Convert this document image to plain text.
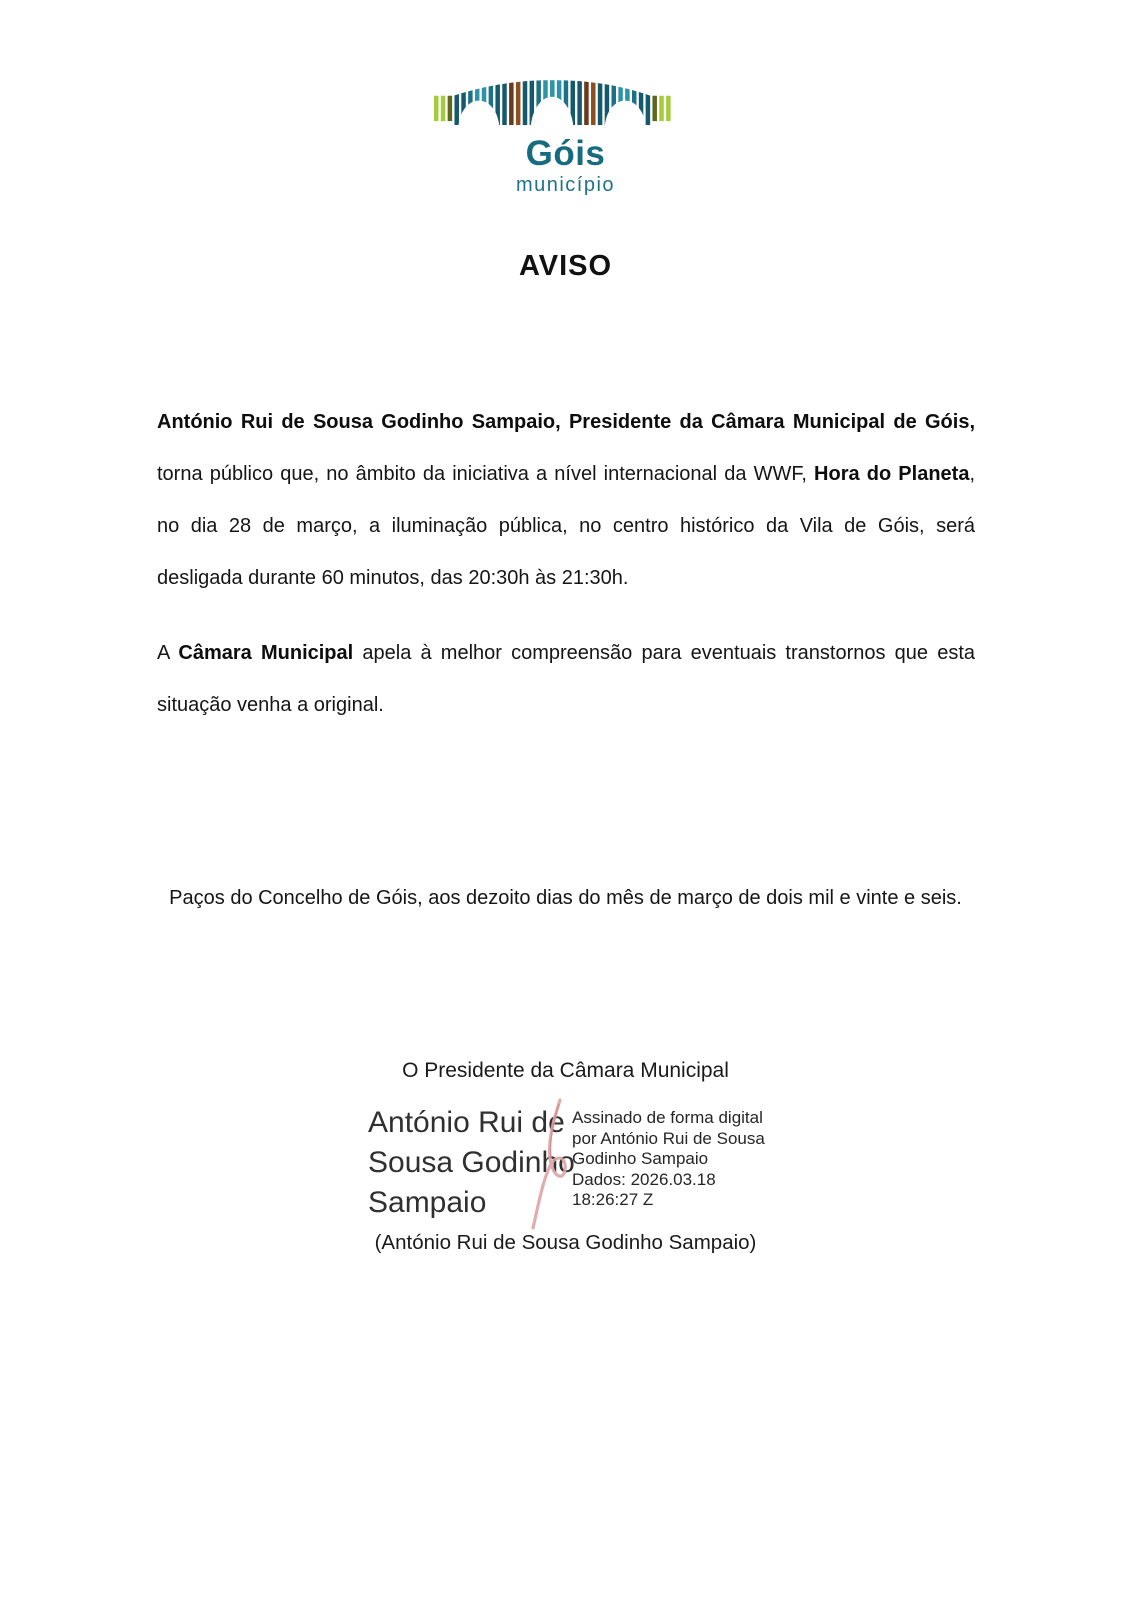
Góis
município
AVISO

António Rui de Sousa Godinho Sampaio, Presidente da Câmara Municipal de Góis, torna público que, no âmbito da iniciativa a nível internacional da WWF, Hora do Planeta, no dia 28 de março, a iluminação pública, no centro histórico da Vila de Góis, será desligada durante 60 minutos, das 20:30h às 21:30h.

A Câmara Municipal apela à melhor compreensão para eventuais transtornos que esta situação venha a original.

Paços do Concelho de Góis, aos dezoito dias do mês de março de dois mil e vinte e seis.
O Presidente da Câmara Municipal
António Rui de Sousa Godinho Sampaio
Assinado de forma digital
por António Rui de Sousa
Godinho Sampaio
Dados: 2026.03.18
18:26:27 Z
(António Rui de Sousa Godinho Sampaio)
